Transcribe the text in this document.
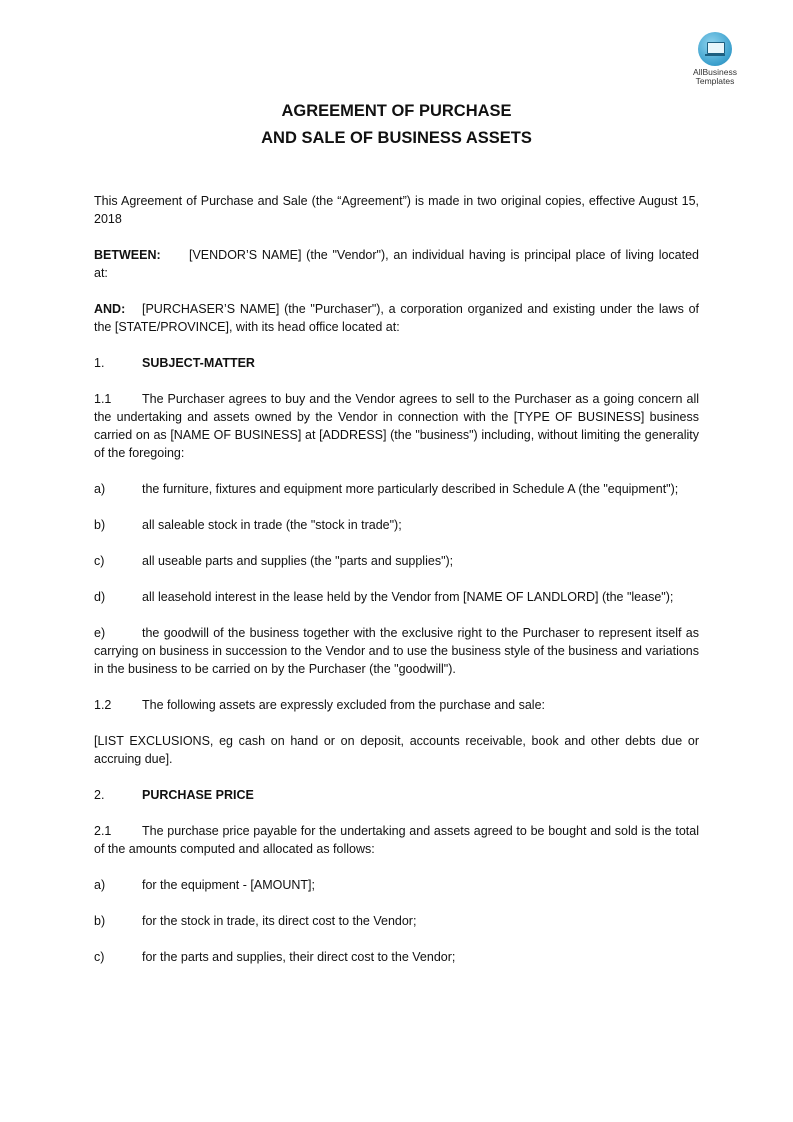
AllBusiness
Templates
AGREEMENT OF PURCHASE
AND SALE OF BUSINESS ASSETS

This Agreement of Purchase and Sale (the “Agreement”) is made in two original copies, effective August 15, 2018

BETWEEN: [VENDOR’S NAME] (the "Vendor"), an individual having is principal place of living located at:

AND: [PURCHASER’S NAME] (the "Purchaser"), a corporation organized and existing under the laws of the [STATE/PROVINCE], with its head office located at:

1.	SUBJECT-MATTER

1.1 The Purchaser agrees to buy and the Vendor agrees to sell to the Purchaser as a going concern all the undertaking and assets owned by the Vendor in connection with the [TYPE OF BUSINESS] business carried on as [NAME OF BUSINESS] at [ADDRESS] (the "business") including, without limiting the generality of the foregoing:

a)	the furniture, fixtures and equipment more particularly described in Schedule A (the "equipment");

b)	all saleable stock in trade (the "stock in trade");
c)	all useable parts and supplies (the "parts and supplies");

d)	all leasehold interest in the lease held by the Vendor from [NAME OF LANDLORD] (the "lease");

e)	the goodwill of the business together with the exclusive right to the Purchaser to represent itself as carrying on business in succession to the Vendor and to use the business style of the business and variations in the business to be carried on by the Purchaser (the "goodwill").

1.2	The following assets are expressly excluded from the purchase and sale:

[LIST EXCLUSIONS, eg cash on hand or on deposit, accounts receivable, book and other debts due or accruing due].

2.	PURCHASE PRICE

2.1 The purchase price payable for the undertaking and assets agreed to be bought and sold is the total of the amounts computed and allocated as follows:

a)	for the equipment - [AMOUNT];
b)	for the stock in trade, its direct cost to the Vendor;
c)	for the parts and supplies, their direct cost to the Vendor;
